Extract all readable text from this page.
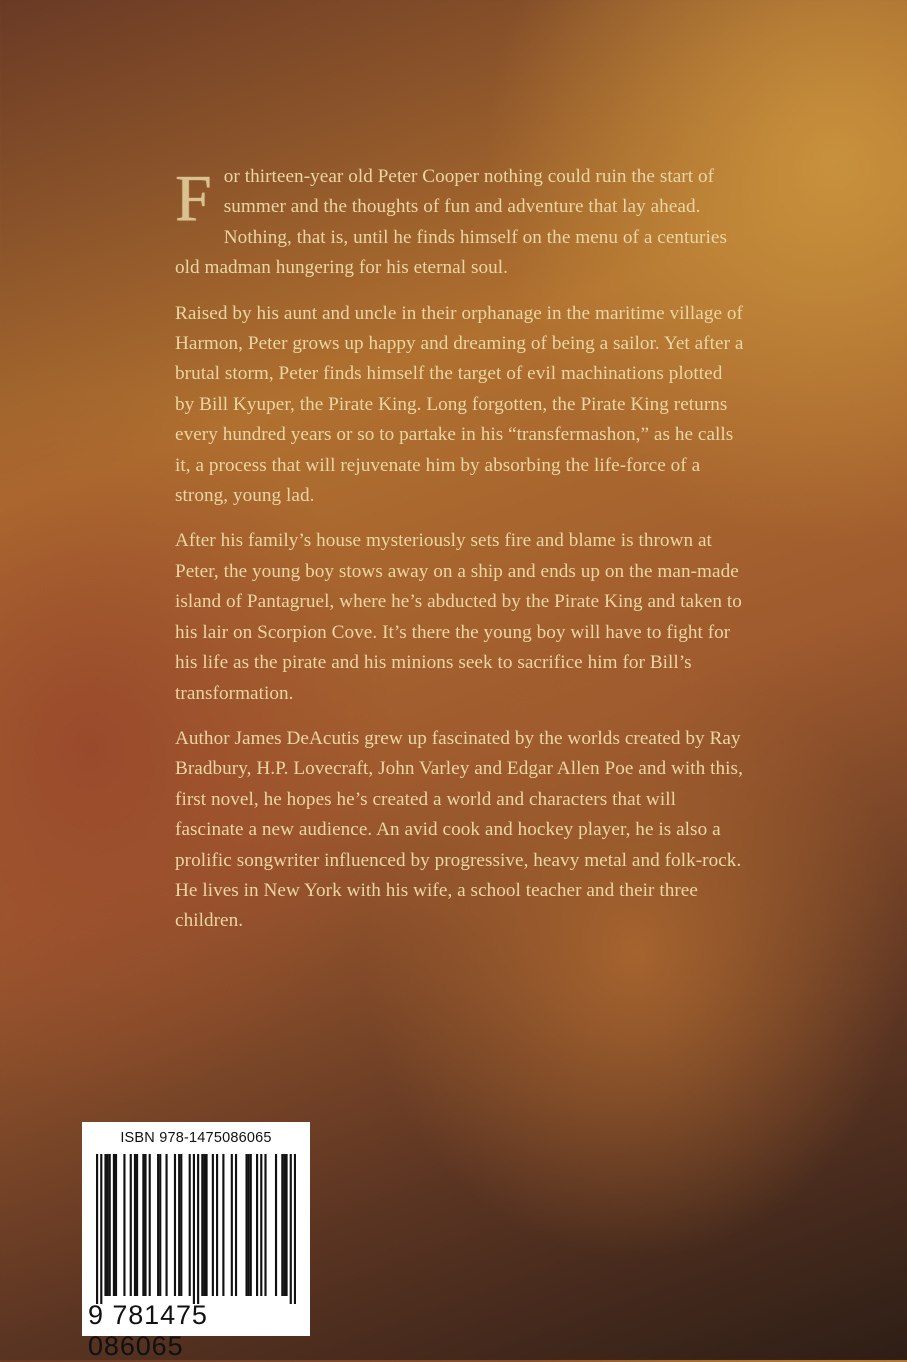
F or thirteen-year old Peter Cooper nothing could ruin the start of summer and the thoughts of fun and adventure that lay ahead. Nothing, that is, until he finds himself on the menu of a centuries old madman hungering for his eternal soul.

Raised by his aunt and uncle in their orphanage in the maritime village of Harmon, Peter grows up happy and dreaming of being a sailor. Yet after a brutal storm, Peter finds himself the target of evil machinations plotted by Bill Kyuper, the Pirate King. Long forgotten, the Pirate King returns every hundred years or so to partake in his “transfermashon,” as he calls it, a process that will rejuvenate him by absorbing the life-force of a strong, young lad.

After his family’s house mysteriously sets fire and blame is thrown at Peter, the young boy stows away on a ship and ends up on the man-made island of Pantagruel, where he’s abducted by the Pirate King and taken to his lair on Scorpion Cove. It’s there the young boy will have to fight for his life as the pirate and his minions seek to sacrifice him for Bill’s transformation.

Author James DeAcutis grew up fascinated by the worlds created by Ray Bradbury, H.P. Lovecraft, John Varley and Edgar Allen Poe and with this, first novel, he hopes he’s created a world and characters that will fascinate a new audience. An avid cook and hockey player, he is also a prolific songwriter influenced by progressive, heavy metal and folk-rock. He lives in New York with his wife, a school teacher and their three children.

ISBN 978-1475086065
9 781475 086065
